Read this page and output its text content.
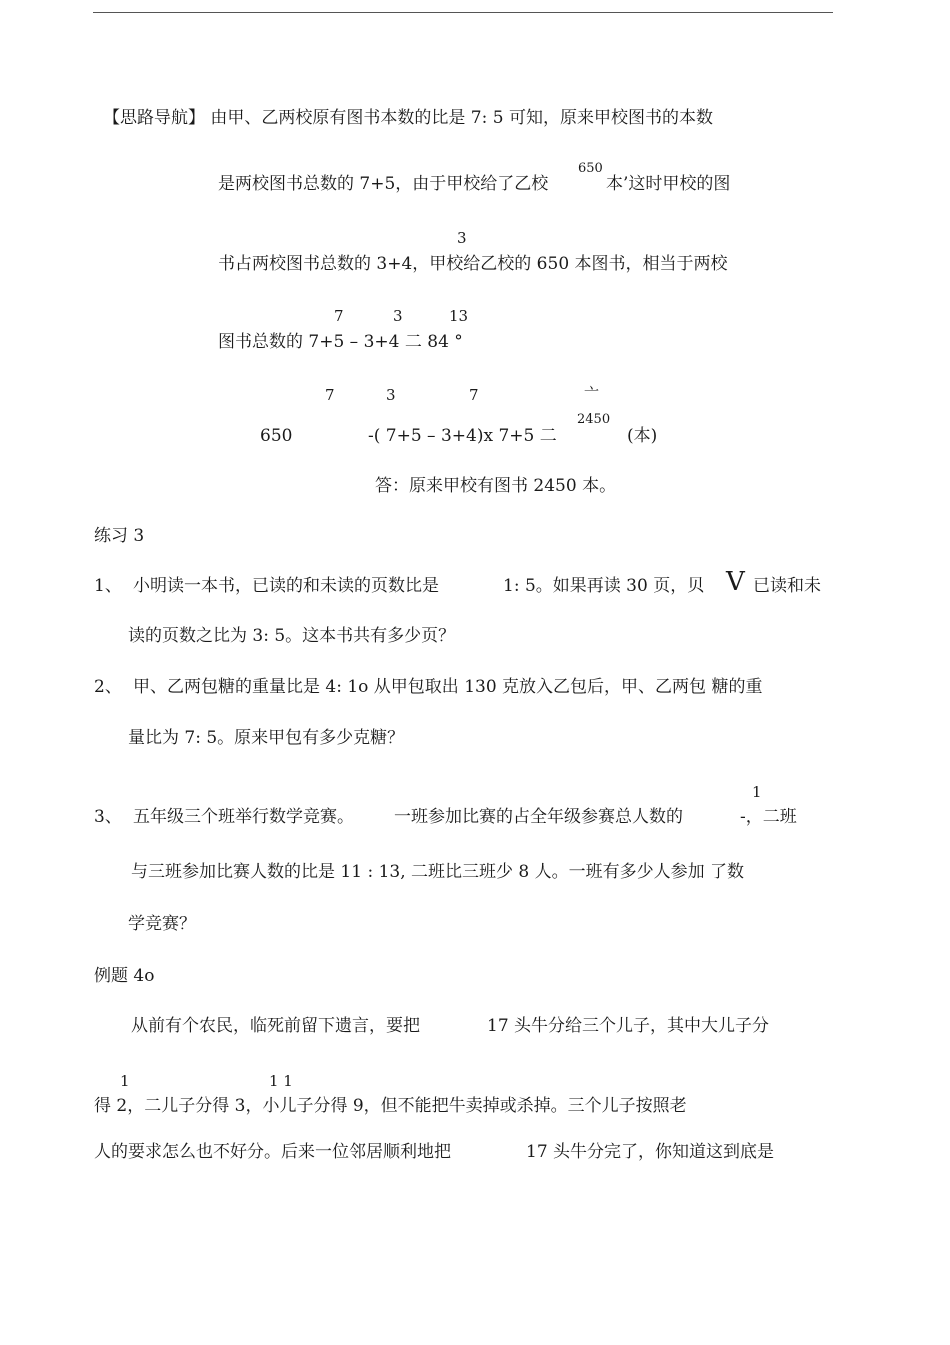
【思路导航】 由甲、乙两校原有图书本数的比是 7: 5 可知，原来甲校图书的本数
是两校图书总数的 7+5，由于甲校给了乙校
650
本’这时甲校的图
3
书占两校图书总数的 3+4，甲校给乙校的 650 本图书，相当于两校
7	3	13
图书总数的 7+5 – 3+4 二 84 °
7	3	7	亠
650	-( 7+5 – 3+4)x 7+5 二
2450
(本)
答：原来甲校有图书 2450 本。
练习 3
1、 小明读一本书，已读的和未读的页数比是	1: 5。如果再读 30 页，贝 V 已读和未
读的页数之比为 3: 5。这本书共有多少页？
2、 甲、乙两包糖的重量比是 4: 1o 从甲包取出 130 克放入乙包后，甲、乙两包 糖的重
量比为 7: 5。原来甲包有多少克糖？
1
3、 五年级三个班举行数学竞赛。 一班参加比赛的占全年级参赛总人数的	-，二班
与三班参加比赛人数的比是 11 : 13, 二班比三班少 8 人。一班有多少人参加 了数
学竞赛？
例题 4o
从前有个农民，临死前留下遗言，要把	17 头牛分给三个儿子，其中大儿子分
1	1 1
得 2，二儿子分得 3，小儿子分得 9，但不能把牛卖掉或杀掉。三个儿子按照老
人的要求怎么也不好分。后来一位邻居顺利地把	17 头牛分完了，你知道这到底是
